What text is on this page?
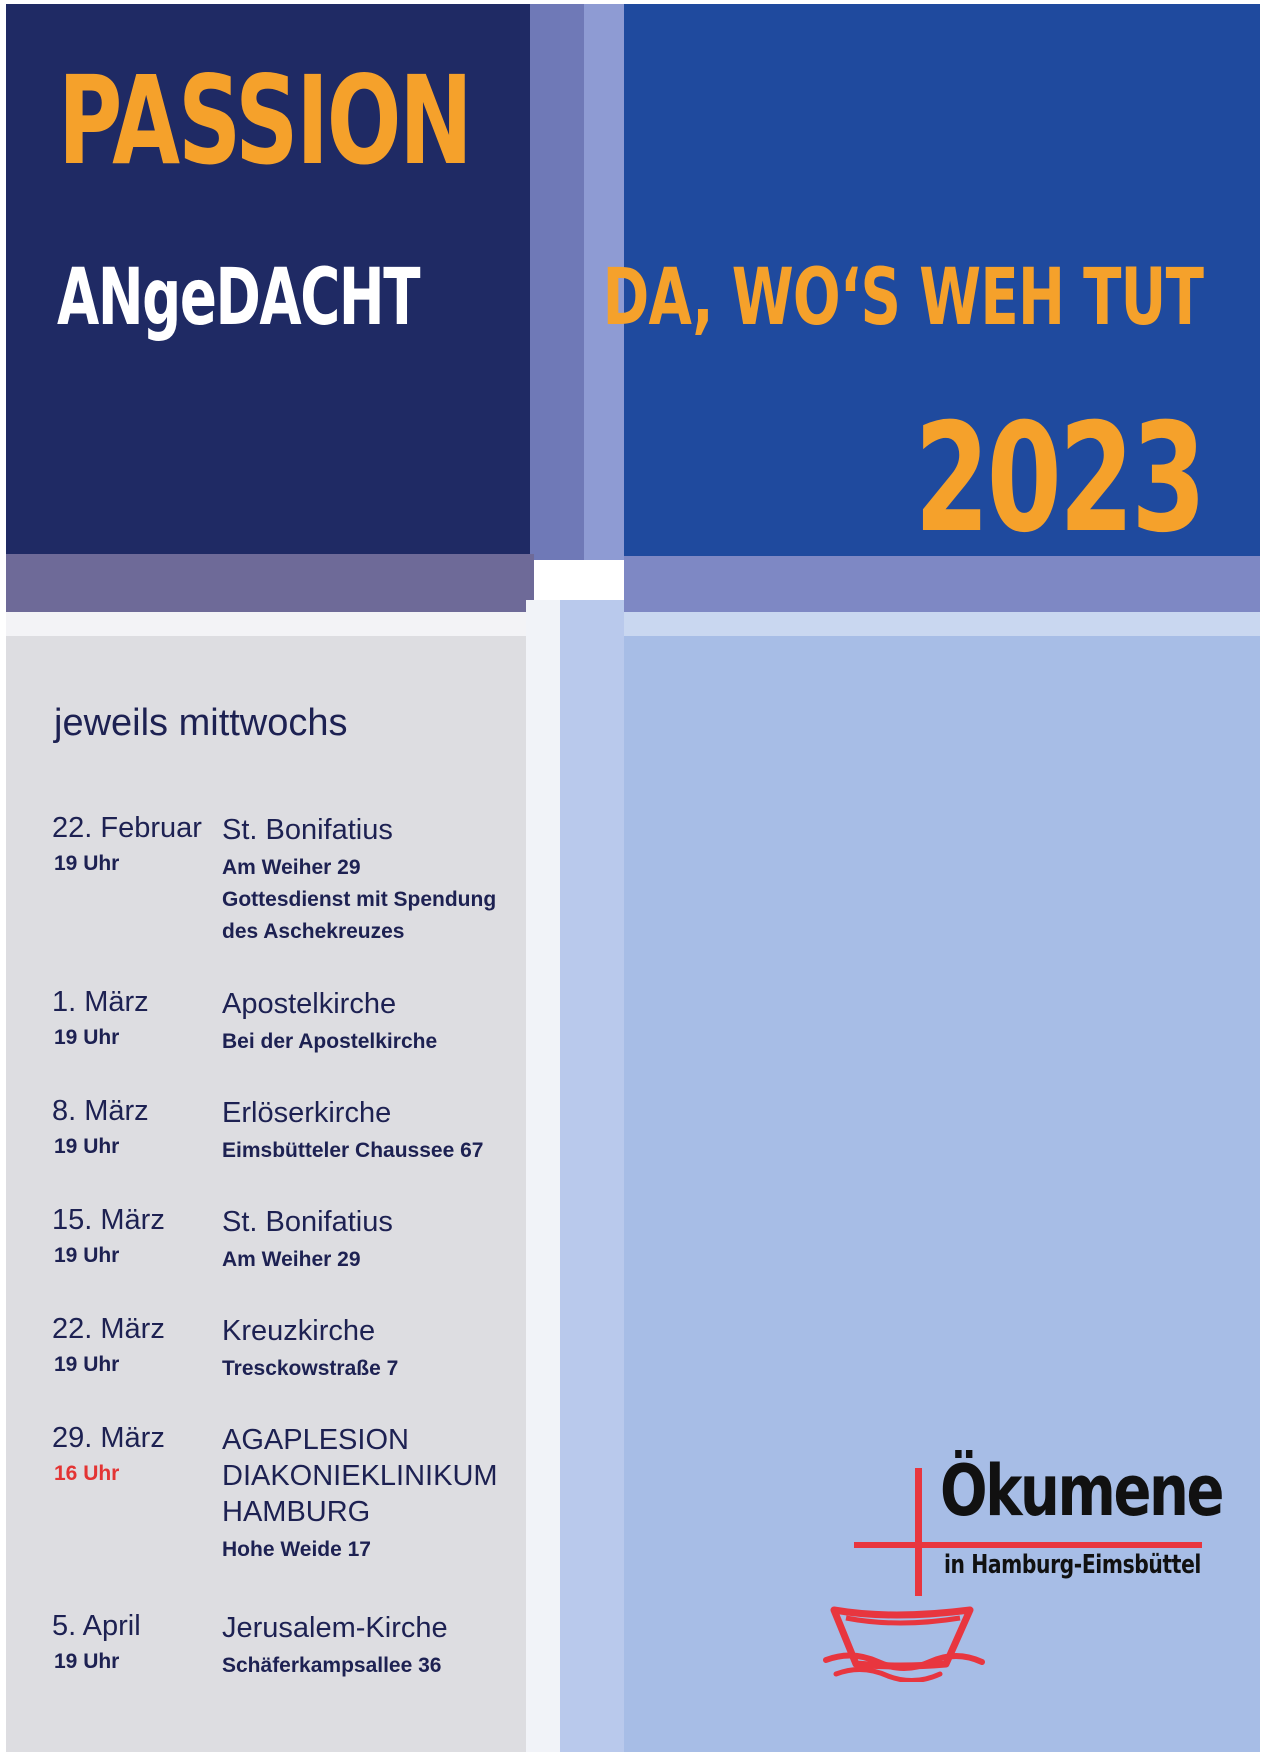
PASSION
ANgeDACHT DA, WO‘S WEH TUT
2023
jeweils mittwochs
22. Februar
19 Uhr
St. Bonifatius
Am Weiher 29
Gottesdienst mit Spendung
des Aschekreuzes
1. März
19 Uhr
Apostelkirche
Bei der Apostelkirche
8. März
19 Uhr
Erlöserkirche
Eimsbütteler Chaussee 67
15. März
19 Uhr
St. Bonifatius
Am Weiher 29
22. März
19 Uhr
Kreuzkirche
Tresckowstraße 7
29. März
16 Uhr
AGAPLESION
DIAKONIEKLINIKUM
HAMBURG
Hohe Weide 17
5. April
19 Uhr
Jerusalem-Kirche
Schäferkampsallee 36
Ökumene
in Hamburg-Eimsbüttel
